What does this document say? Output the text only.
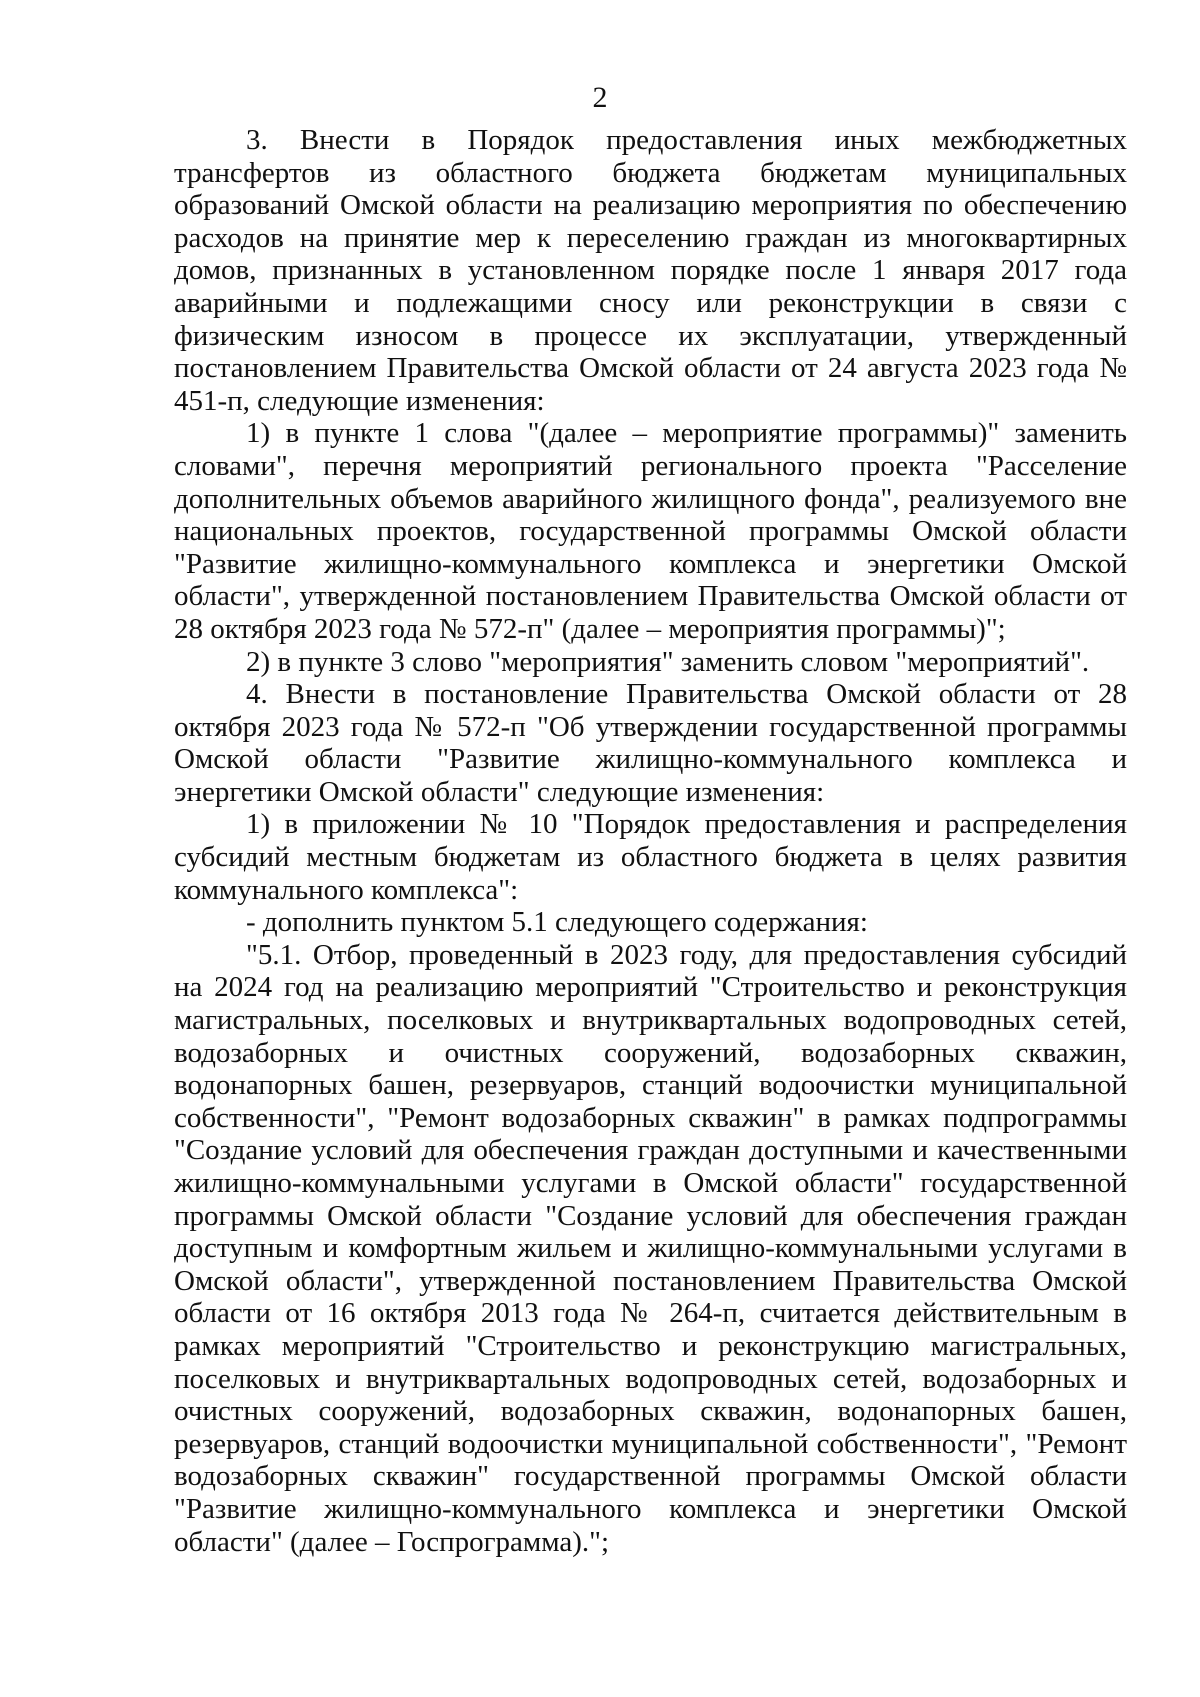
2

3. Внести в Порядок предоставления иных межбюджетных трансфертов из областного бюджета бюджетам муниципальных образований Омской области на реализацию мероприятия по обеспечению расходов на принятие мер к переселению граждан из многоквартирных домов, признанных в установленном порядке после 1 января 2017 года аварийными и подлежащими сносу или реконструкции в связи с физическим износом в процессе их эксплуатации, утвержденный постановлением Правительства Омской области от 24 августа 2023 года № 451-п, следующие изменения:

1) в пункте 1 слова "(далее – мероприятие программы)" заменить словами", перечня мероприятий регионального проекта "Расселение дополнительных объемов аварийного жилищного фонда", реализуемого вне национальных проектов, государственной программы Омской области "Развитие жилищно-коммунального комплекса и энергетики Омской области", утвержденной постановлением Правительства Омской области от 28 октября 2023 года № 572-п" (далее – мероприятия программы)";

2) в пункте 3 слово "мероприятия" заменить словом "мероприятий".

4. Внести в постановление Правительства Омской области от 28 октября 2023 года № 572-п "Об утверждении государственной программы Омской области "Развитие жилищно-коммунального комплекса и энергетики Омской области" следующие изменения:

1) в приложении № 10 "Порядок предоставления и распределения субсидий местным бюджетам из областного бюджета в целях развития коммунального комплекса":

- дополнить пунктом 5.1 следующего содержания:

"5.1. Отбор, проведенный в 2023 году, для предоставления субсидий на 2024 год на реализацию мероприятий "Строительство и реконструкция магистральных, поселковых и внутриквартальных водопроводных сетей, водозаборных и очистных сооружений, водозаборных скважин, водонапорных башен, резервуаров, станций водоочистки муниципальной собственности", "Ремонт водозаборных скважин" в рамках подпрограммы "Создание условий для обеспечения граждан доступными и качественными жилищно-коммунальными услугами в Омской области" государственной программы Омской области "Создание условий для обеспечения граждан доступным и комфортным жильем и жилищно-коммунальными услугами в Омской области", утвержденной постановлением Правительства Омской области от 16 октября 2013 года № 264-п, считается действительным в рамках мероприятий "Строительство и реконструкцию магистральных, поселковых и внутриквартальных водопроводных сетей, водозаборных и очистных сооружений, водозаборных скважин, водонапорных башен, резервуаров, станций водоочистки муниципальной собственности", "Ремонт водозаборных скважин" государственной программы Омской области "Развитие жилищно-коммунального комплекса и энергетики Омской области" (далее – Госпрограмма).";
